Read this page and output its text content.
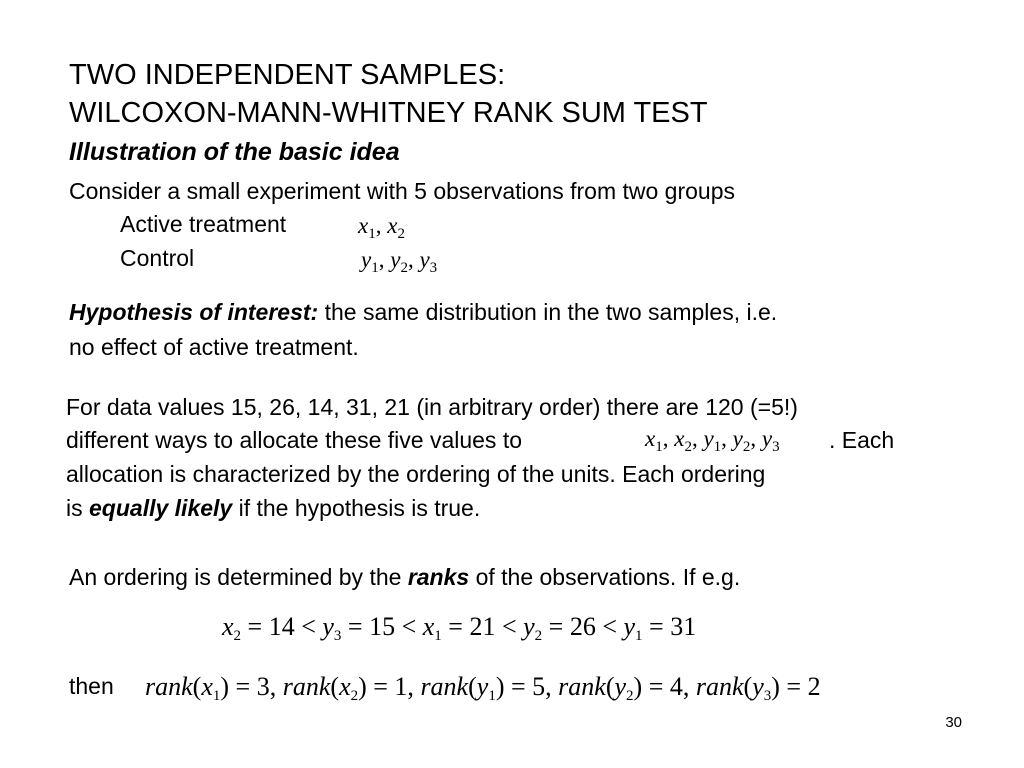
TWO INDEPENDENT SAMPLES:
WILCOXON-MANN-WHITNEY RANK SUM TEST
Illustration of the basic idea
Consider a small experiment with 5 observations from two groups
Active treatment	$x_1$, $x_2$
Control	$y_1$, $y_2$, $y_3$
Hypothesis of interest: the same distribution in the two samples, i.e.
no effect of active treatment.
For data values 15, 26, 14, 31, 21 (in arbitrary order) there are 120 (=5!)
different ways to allocate these five values to	$x_1$, $x_2$, $y_1$, $y_2$, $y_3$ . Each
allocation is characterized by the ordering of the units. Each ordering
is equally likely if the hypothesis is true.
An ordering is determined by the ranks of the observations. If e.g.
$x_2 = 14 < y_3 = 15 < x_1 = 21 < y_2 = 26 < y_1 = 31$
then $rank(x_1) = 3$, $rank(x_2) = 1$, $rank(y_1) = 5$, $rank(y_2) = 4$, $rank(y_3) = 2$
30
